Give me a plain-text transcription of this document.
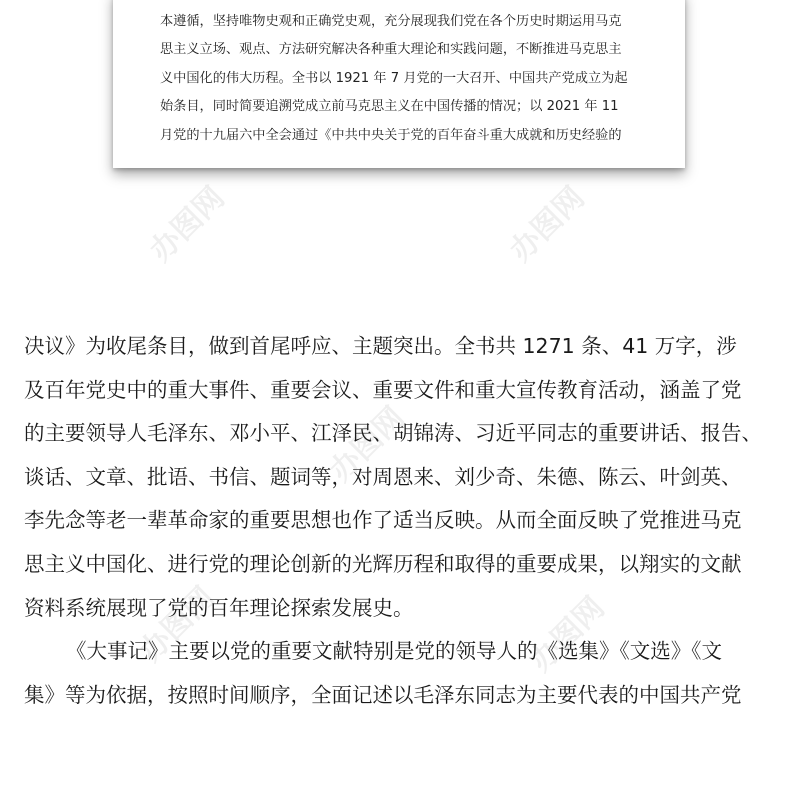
本遵循，坚持唯物史观和正确党史观，充分展现我们党在各个历史时期运用马克
思主义立场、观点、方法研究解决各种重大理论和实践问题，不断推进马克思主
义中国化的伟大历程。全书以 1921 年 7 月党的一大召开、中国共产党成立为起
始条目，同时简要追溯党成立前马克思主义在中国传播的情况；以 2021 年 11
月党的十九届六中全会通过《中共中央关于党的百年奋斗重大成就和历史经验的
办图网	办图网
办图网
办图网	办图网
决议》为收尾条目，做到首尾呼应、主题突出。全书共 1271 条、41 万字，涉
及百年党史中的重大事件、重要会议、重要文件和重大宣传教育活动，涵盖了党
的主要领导人毛泽东、邓小平、江泽民、胡锦涛、习近平同志的重要讲话、报告、
谈话、文章、批语、书信、题词等，对周恩来、刘少奇、朱德、陈云、叶剑英、
李先念等老一辈革命家的重要思想也作了适当反映。从而全面反映了党推进马克
思主义中国化、进行党的理论创新的光辉历程和取得的重要成果，以翔实的文献
资料系统展现了党的百年理论探索发展史。
《大事记》主要以党的重要文献特别是党的领导人的《选集》《文选》《文
集》等为依据，按照时间顺序，全面记述以毛泽东同志为主要代表的中国共产党
